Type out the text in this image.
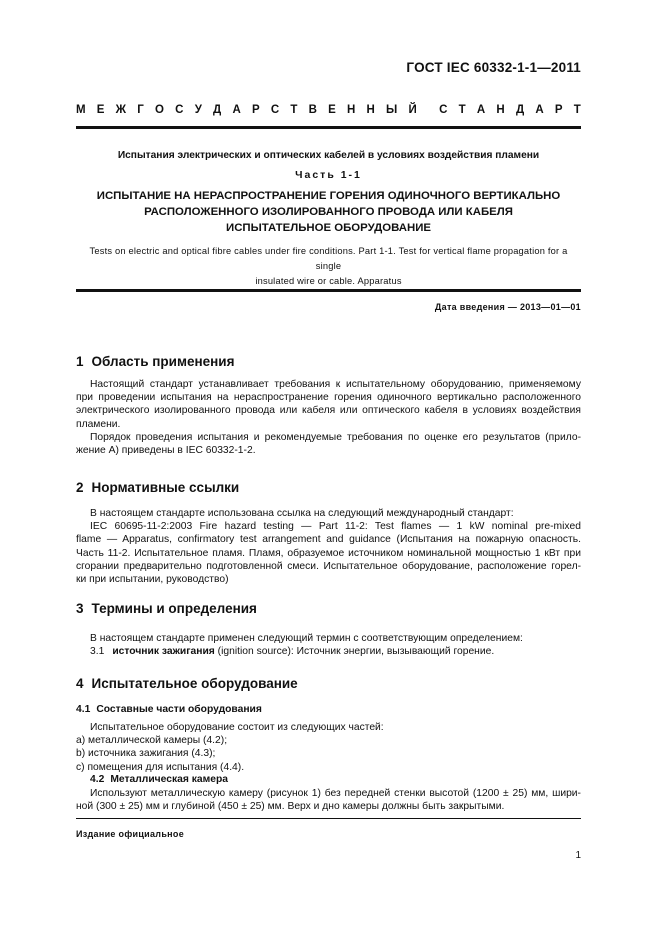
ГОСТ IEC 60332-1-1—2011
М Е Ж Г О С У Д А Р С Т В Е Н Н Ы Й С Т А Н Д А Р Т
Испытания электрических и оптических кабелей в условиях воздействия пламени
Часть 1-1
ИСПЫТАНИЕ НА НЕРАСПРОСТРАНЕНИЕ ГОРЕНИЯ ОДИНОЧНОГО ВЕРТИКАЛЬНО
РАСПОЛОЖЕННОГО ИЗОЛИРОВАННОГО ПРОВОДА ИЛИ КАБЕЛЯ
ИСПЫТАТЕЛЬНОЕ ОБОРУДОВАНИЕ
Tests on electric and optical fibre cables under fire conditions. Part 1-1. Test for vertical flame propagation for a single
insulated wire or cable. Apparatus
Дата введения — 2013—01—01
1 Область применения
Настоящий стандарт устанавливает требования к испытательному оборудованию, применяемому
при проведении испытания на нераспространение горения одиночного вертикально расположенного
электрического изолированного провода или кабеля или оптического кабеля в условиях воздействия
пламени.
Порядок проведения испытания и рекомендуемые требования по оценке его результатов (прило-
жение А) приведены в IEC 60332-1-2.
2 Нормативные ссылки
В настоящем стандарте использована ссылка на следующий международный стандарт:
IEC 60695-11-2:2003 Fire hazard testing — Part 11-2: Test flames — 1 kW nominal pre-mixed
flame — Apparatus, confirmatory test arrangement and guidance (Испытания на пожарную опасность.
Часть 11-2. Испытательное пламя. Пламя, образуемое источником номинальной мощностью 1 кВт при
сгорании предварительно подготовленной смеси. Испытательное оборудование, расположение горел-
ки при испытании, руководство)
3 Термины и определения
В настоящем стандарте применен следующий термин с соответствующим определением:
3.1 источник зажигания (ignition source): Источник энергии, вызывающий горение.
4 Испытательное оборудование
4.1 Составные части оборудования
Испытательное оборудование состоит из следующих частей:
а) металлической камеры (4.2);
b) источника зажигания (4.3);
с) помещения для испытания (4.4).
4.2 Металлическая камера
Используют металлическую камеру (рисунок 1) без передней стенки высотой (1200 ± 25) мм, шири-
ной (300 ± 25) мм и глубиной (450 ± 25) мм. Верх и дно камеры должны быть закрытыми.
Издание официальное
1
